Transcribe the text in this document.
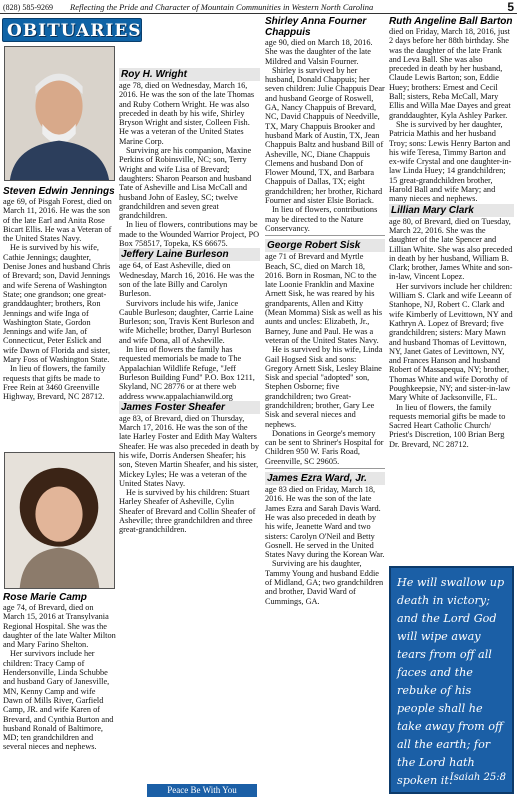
(828) 585-9269 Reflecting the Pride and Character of Mountain Communities in Western North Carolina	5
OBITUARIES
Steven Edwin Jennings

age 69, of Pisgah Forest, died on March 11, 2016. He was the son of the late Earl and Anita Rose Bicart Ellis. He was a Veteran of the United States Navy.

He is survived by his wife, Cathie Jennings; daughter, Denise Jones and husband Chris of Brevard; son, David Jennings and wife Serena of Washington State; one grandson; one great-granddaughter; brothers, Ron Jennings and wife Inga of Washington State, Gordon Jennings and wife Jan, of Connecticut, Peter Eslick and wife Dawn of Florida and sister, Mary Foss of Washington State.

In lieu of flowers, the family requests that gifts be made to Free Rein at 3460 Greenville Highway, Brevard, NC 28712.

Rose Marie Camp

age 74, of Brevard, died on March 15, 2016 at Transylvania Regional Hospital. She was the daughter of the late Walter Milton and Mary Farino Shelton.

Her survivors include her children: Tracy Camp of Hendersonville, Linda Schubbe and husband Gary of Janesville, MN, Kenny Camp and wife Dawn of Mills River, Garfield Camp, JR. and wife Karen of Brevard, and Cynthia Burton and husband Ronald of Baltimore, MD; ten grandchildren and several nieces and nephews.

Roy H. Wright

age 78, died on Wednesday, March 16, 2016. He was the son of the late Thomas and Ruby Cothern Wright. He was also preceded in death by his wife, Shirley Bryson Wright and sister, Colleen Fish. He was a veteran of the United States Marine Corp.

Surviving are his companion, Maxine Perkins of Robinsville, NC; son, Terry Wright and wife Lisa of Brevard; daughters: Sharon Pearson and husband Tate of Asheville and Lisa McCall and husband John of Easley, SC; twelve grandchildren and seven great grandchildren.

In lieu of flowers, contributions may be made to the Wounded Warrior Project, PO Box 758517, Topeka, KS 66675.

Jeffery Laine Burleson

age 64, of East Asheville, died on Wednesday, March 16, 2016. He was the son of the late Billy and Carolyn Burleson.

Survivors include his wife, Janice Cauble Burleson; daughter, Carrie Laine Burleson; son, Travis Kent Burleson and wife Michelle; brother, Darryl Burleson and wife Dona, all of Asheville.

In lieu of flowers the family has requested memorials be made to The Appalachian Wildlife Refuge, "Jeff Burleson Building Fund" P.O. Box 1211, Skyland, NC 28776 or at there web address www.appalachianwild.org

James Foster Sheafer

age 83, of Brevard, died on Thursday, March 17, 2016. He was the son of the late Harley Foster and Edith May Walters Sheafer. He was also preceded in death by his wife, Dorris Andersen Sheafer; his son, Steven Martin Sheafer, and his sister, Mickey Lyles; He was a veteran of the United States Navy.

He is survived by his children: Stuart Harley Sheafer of Asheville, Cylin Sheafer of Brevard and Collin Sheafer of Asheville; three grandchildren and three great-grandchildren.

Shirley Anna Fourner Chappuis

age 90, died on March 18, 2016. She was the daughter of the late Mildred and Valsin Fourner.

Shirley is survived by her husband, Donald Chappuis; her seven children: Julie Chappuis Dear and husband George of Roswell, GA, Nancy Chappuis of Brevard, NC, David Chappuis of Needville, TX, Mary Chappuis Brooker and husband Mark of Austin, TX, Jean Chappuis Baltz and husband Bill of Asheville, NC, Diane Chappuis Clemens and husband Don of Flower Mound, TX, and Barbara Chappuis of Dallas, TX; eight grandchildren; her brother, Richard Fourner and sister Elsie Boriack.

In lieu of flowers, contributions may be directed to the Nature Conservancy.

George Robert Sisk

age 71 of Brevard and Myrtle Beach, SC, died on March 18, 2016. Born in Rosman, NC to the late Loonie Franklin and Maxine Arnett Sisk, he was reared by his grandparents, Allen and Kitty (Mean Momma) Sisk as well as his aunts and uncles: Elizabeth, Jr., Barney, June and Paul. He was a veteran of the United States Navy.

He is survived by his wife, Linda Gail Hogsed Sisk and sons: Gregory Arnett Sisk, Lesley Blaine Sisk and special "adopted" son, Stephen Osborne; five grandchildren; two Great-grandchildren; brother, Gary Lee Sisk and several nieces and nephews.

Donations in George's memory can be sent to Shriner's Hospital for Children 950 W. Faris Road, Greenville, SC 29605.

James Ezra Ward, Jr.

age 83 died on Friday, March 18, 2016. He was the son of the late James Ezra and Sarah Davis Ward. He was also preceded in death by his wife, Jeanette Ward and two sisters: Carolyn O'Neil and Betty Gosnell. He served in the United States Navy during the Korean War.

Surviving are his daughter, Tammy Young and husband Eddie of Midland, GA; two grandchildren and brother, David Ward of Cummings, GA.

Ruth Angeline Ball Barton

died on Friday, March 18, 2016, just 2 days before her 88th birthday. She was the daughter of the late Frank and Leva Ball. She was also preceded in death by her husband, Claude Lewis Barton; son, Eddie Huey; brothers: Ernest and Cecil Ball; sisters, Reba McCall, Mary Ellis and Willa Mae Dayes and great granddaughter, Kyla Ashley Parker.

She is survived by her daughter, Patricia Mathis and her husband Troy; sons: Lewis Henry Barton and his wife Teresa, Timmy Barton and ex-wife Crystal and one daughter-in-law Linda Huey; 14 grandchildren; 15 great-grandchildren brother, Harold Ball and wife Mary; and many nieces and nephews.

Lillian Mary Clark

age 80, of Brevard, died on Tuesday, March 22, 2016. She was the daughter of the late Spencer and Lillian White. She was also preceded in death by her husband, William B. Clark; brother, James White and son-in-law, Vincent Lopez.

Her survivors include her children: William S. Clark and wife Leeann of Stanhope, NJ, Robert C. Clark and wife Kimberly of Levittown, NY and Kathryn A. Lopez of Brevard; five grandchildren; sisters: Mary Mawn and husband Thomas of Levittown, NY, Janet Gates of Levittown, NY, and Frances Hanson and husband Robert of Massapequa, NY; brother, Thomas White and wife Dorothy of Poughkeepsie, NY; and sister-in-law Mary White of Jacksonville, FL.

In lieu of flowers, the family requests memorial gifts be made to Sacred Heart Catholic Church/ Priest's Discretion, 100 Brian Berg Dr. Brevard, NC 28712.

He will swallow up death in victory; and the Lord God will wipe away tears from off all faces and the rebuke of his people shall he take away from off all the earth; for the Lord hath spoken it.
Isaiah 25:8
Peace Be With You
